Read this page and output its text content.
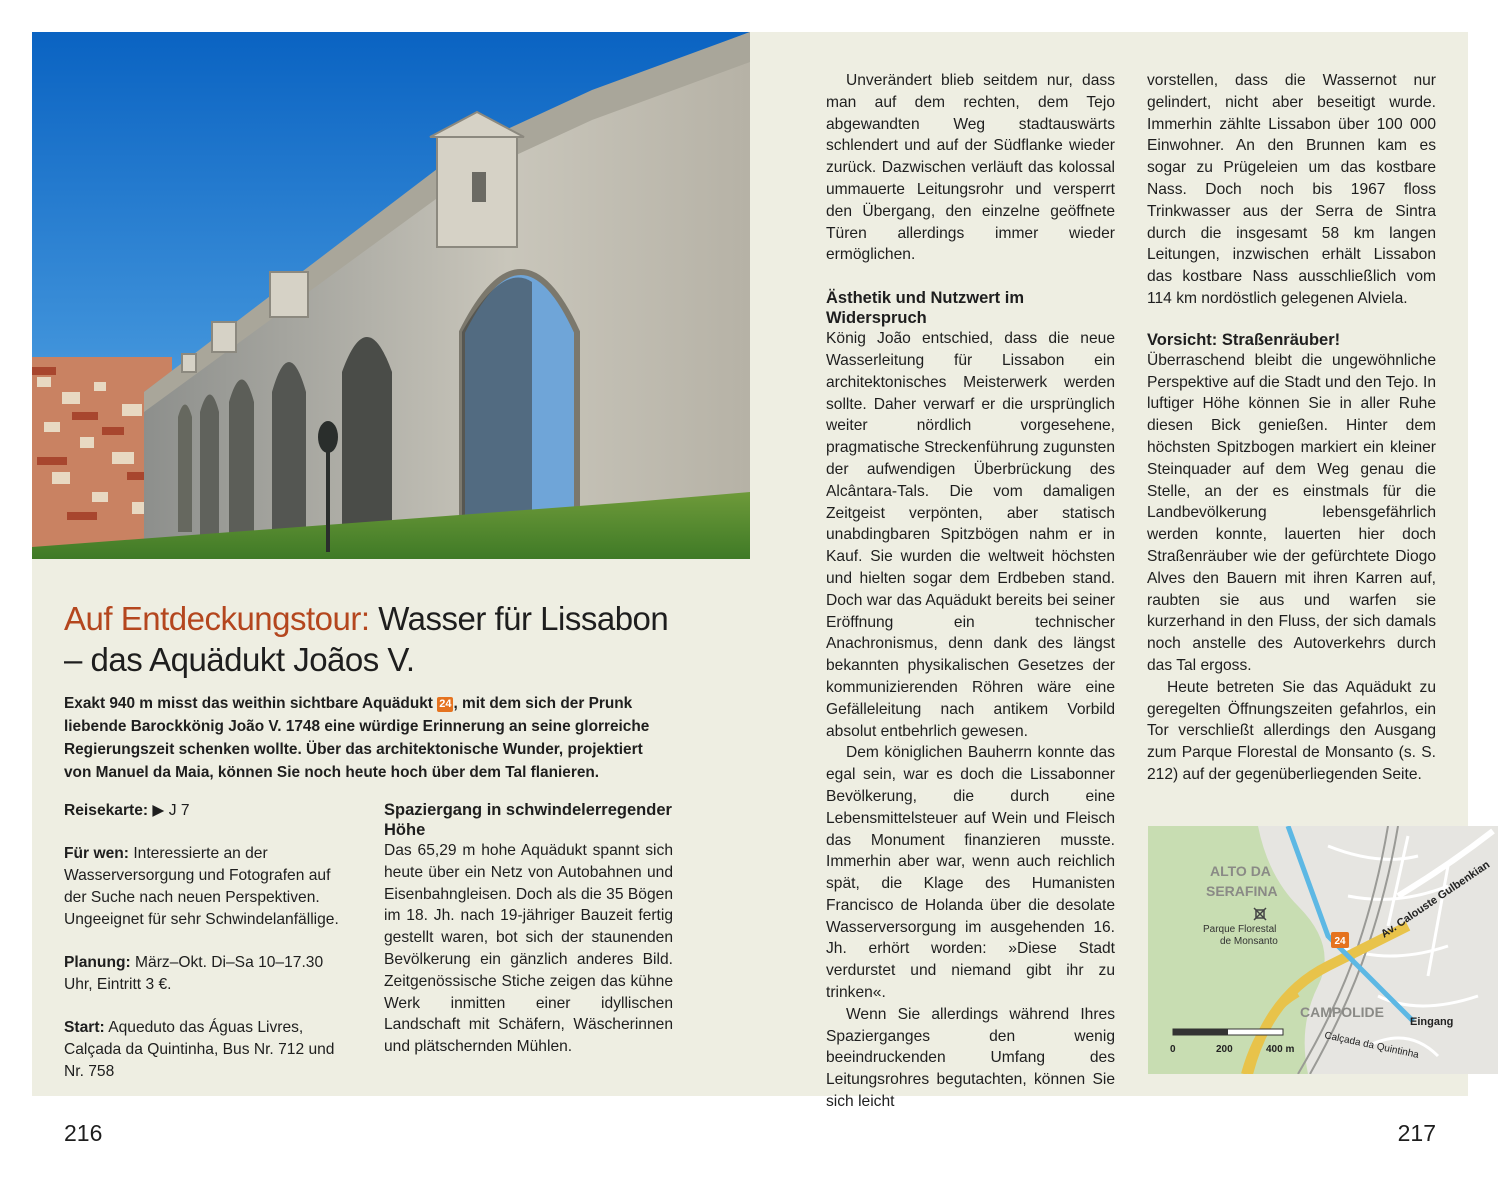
Auf Entdeckungstour: Wasser für Lissabon
– das Aquädukt Joãos V.

Exakt 940 m misst das weithin sichtbare Aquädukt 24 , mit dem sich der Prunk liebende Barockkönig João V. 1748 eine würdige Erinnerung an seine glorreiche Regierungszeit schenken wollte. Über das architektonische Wunder, projektiert von Manuel da Maia, können Sie noch heute hoch über dem Tal flanieren.

Reisekarte: ▶ J 7

Für wen: Interessierte an der Wasserversorgung und Fotografen auf der Suche nach neuen Perspektiven. Ungeeignet für sehr Schwindelanfällige.

Planung: März–Okt. Di–Sa 10–17.30 Uhr, Eintritt 3 €.

Start: Aqueduto das Águas Livres, Calçada da Quintinha, Bus Nr. 712 und Nr. 758

Spaziergang in schwindelerregender Höhe

Das 65,29 m hohe Aquädukt spannt sich heute über ein Netz von Autobahnen und Eisenbahngleisen. Doch als die 35 Bögen im 18. Jh. nach 19-jähriger Bauzeit fertig gestellt waren, bot sich der staunenden Bevölkerung ein gänzlich anderes Bild. Zeitgenössische Stiche zeigen das kühne Werk inmitten einer idyllischen Landschaft mit Schäfern, Wäscherinnen und plätschernden Mühlen.

Unverändert blieb seitdem nur, dass man auf dem rechten, dem Tejo abgewandten Weg stadtauswärts schlendert und auf der Südflanke wieder zurück. Dazwischen verläuft das kolossal ummauerte Leitungsrohr und versperrt den Übergang, den einzelne geöffnete Türen allerdings immer wieder ermöglichen.

Ästhetik und Nutzwert im Widerspruch

König João entschied, dass die neue Wasserleitung für Lissabon ein architektonisches Meisterwerk werden sollte. Daher verwarf er die ursprünglich weiter nördlich vorgesehene, pragmatische Streckenführung zugunsten der aufwendigen Überbrückung des Alcântara-Tals. Die vom damaligen Zeitgeist verpönten, aber statisch unabdingbaren Spitzbögen nahm er in Kauf. Sie wurden die weltweit höchsten und hielten sogar dem Erdbeben stand. Doch war das Aquädukt bereits bei seiner Eröffnung ein technischer Anachronismus, denn dank des längst bekannten physikalischen Gesetzes der kommunizierenden Röhren wäre eine Gefälleleitung nach antikem Vorbild absolut entbehrlich gewesen.

Dem königlichen Bauherrn konnte das egal sein, war es doch die Lissabonner Bevölkerung, die durch eine Lebensmittelsteuer auf Wein und Fleisch das Monument finanzieren musste. Immerhin aber war, wenn auch reichlich spät, die Klage des Humanisten Francisco de Holanda über die desolate Wasserversorgung im ausgehenden 16. Jh. erhört worden: »Diese Stadt verdurstet und niemand gibt ihr zu trinken«.

Wenn Sie allerdings während Ihres Spazierganges den wenig beeindruckenden Umfang des Leitungsrohres begutachten, können Sie sich leicht

vorstellen, dass die Wassernot nur gelindert, nicht aber beseitigt wurde. Immerhin zählte Lissabon über 100 000 Einwohner. An den Brunnen kam es sogar zu Prügeleien um das kostbare Nass. Doch noch bis 1967 floss Trinkwasser aus der Serra de Sintra durch die insgesamt 58 km langen Leitungen, inzwischen erhält Lissabon das kostbare Nass ausschließlich vom 114 km nordöstlich gelegenen Alviela.

Vorsicht: Straßenräuber!

Überraschend bleibt die ungewöhnliche Perspektive auf die Stadt und den Tejo. In luftiger Höhe können Sie in aller Ruhe diesen Bick genießen. Hinter dem höchsten Spitzbogen markiert ein kleiner Steinquader auf dem Weg genau die Stelle, an der es einstmals für die Landbevölkerung lebensgefährlich werden konnte, lauerten hier doch Straßenräuber wie der gefürchtete Diogo Alves den Bauern mit ihren Karren auf, raubten sie aus und warfen sie kurzerhand in den Fluss, der sich damals noch anstelle des Autoverkehrs durch das Tal ergoss.

Heute betreten Sie das Aquädukt zu geregelten Öffnungszeiten gefahrlos, ein Tor verschließt allerdings den Ausgang zum Parque Florestal de Monsanto (s. S. 212) auf der gegenüberliegenden Seite.

24
ALTO DA
SERAFINA
Parque Florestal
de Monsanto
CAMPOLIDE
Av. Calouste Gulbenkian
Eingang
Calçada da Quintinha
0	200	400 m
216	217
